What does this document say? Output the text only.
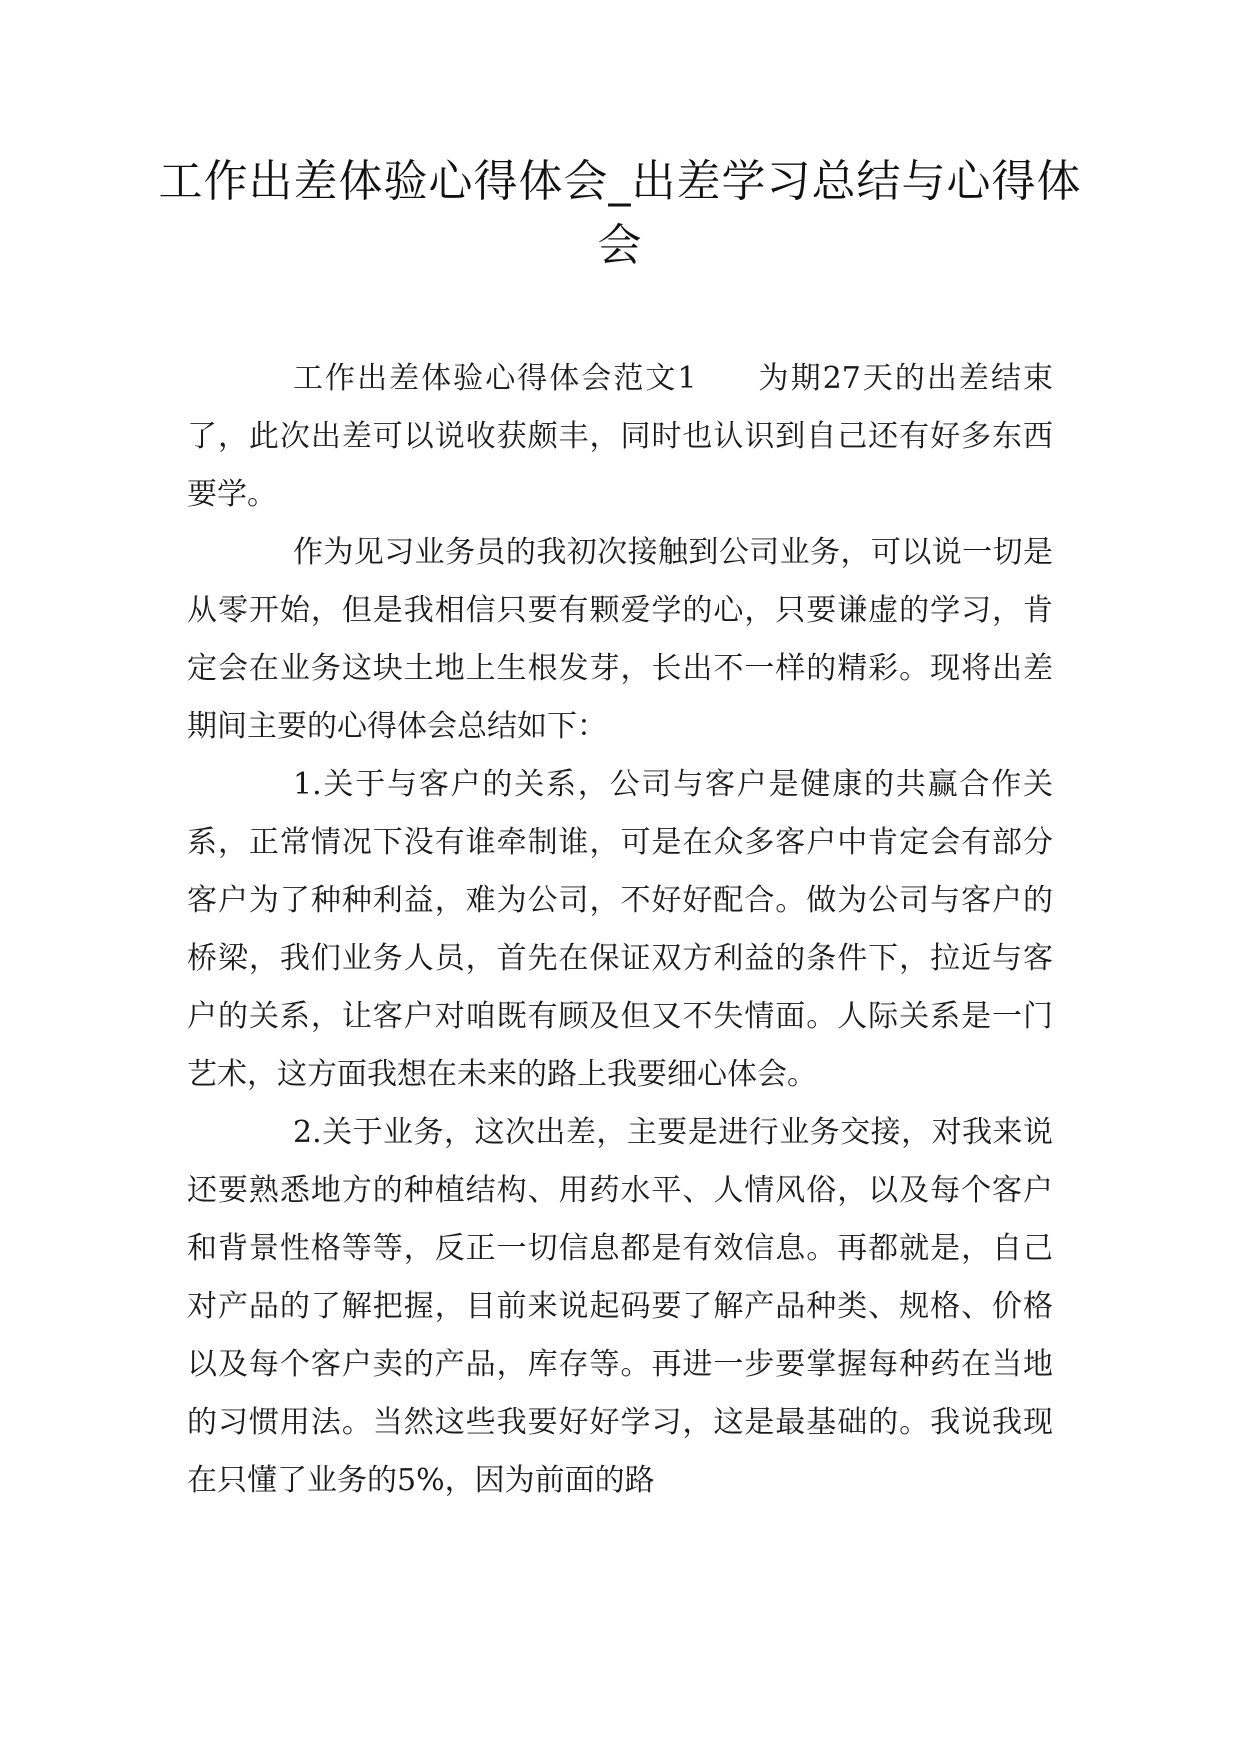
工作出差体验心得体会_出差学习总结与心得体会

工作出差体验心得体会范文1 为期27天的出差结束了，此次出差可以说收获颇丰，同时也认识到自己还有好多东西要学。

作为见习业务员的我初次接触到公司业务，可以说一切是从零开始，但是我相信只要有颗爱学的心，只要谦虚的学习，肯定会在业务这块土地上生根发芽，长出不一样的精彩。现将出差期间主要的心得体会总结如下：

1.关于与客户的关系，公司与客户是健康的共赢合作关系，正常情况下没有谁牵制谁，可是在众多客户中肯定会有部分客户为了种种利益，难为公司，不好好配合。做为公司与客户的桥梁，我们业务人员，首先在保证双方利益的条件下，拉近与客户的关系，让客户对咱既有顾及但又不失情面。人际关系是一门艺术，这方面我想在未来的路上我要细心体会。

2.关于业务，这次出差，主要是进行业务交接，对我来说还要熟悉地方的种植结构、用药水平、人情风俗，以及每个客户和背景性格等等，反正一切信息都是有效信息。再都就是，自己对产品的了解把握，目前来说起码要了解产品种类、规格、价格以及每个客户卖的产品，库存等。再进一步要掌握每种药在当地的习惯用法。当然这些我要好好学习，这是最基础的。我说我现在只懂了业务的5%，因为前面的路
